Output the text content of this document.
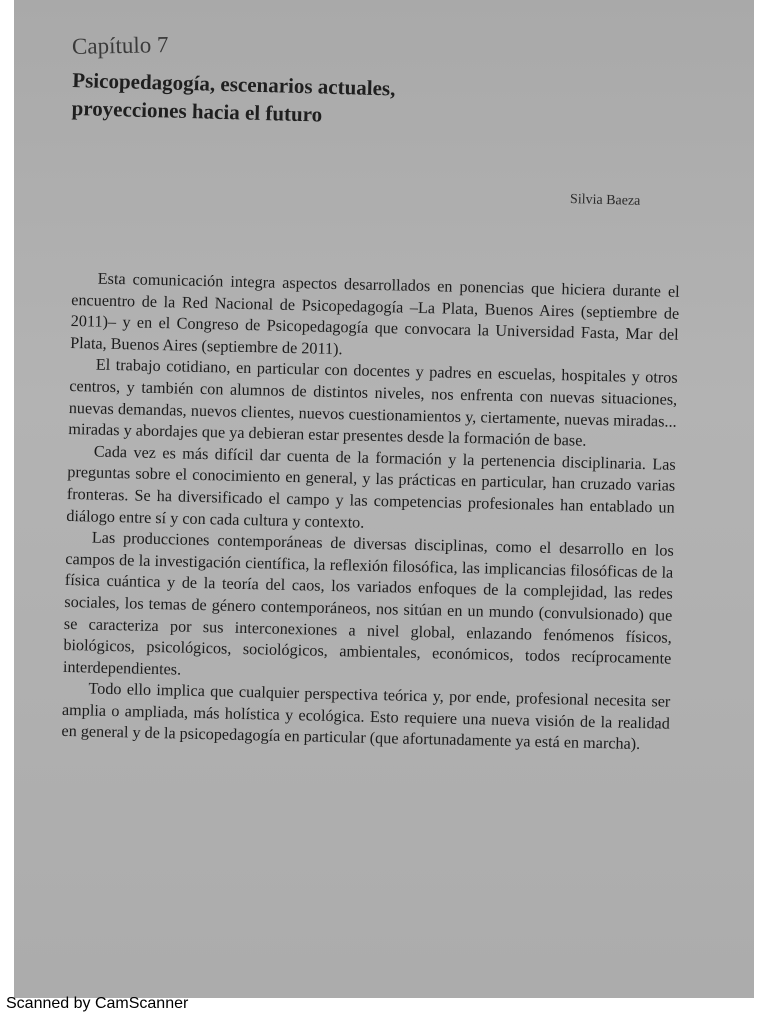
Capítulo 7
Psicopedagogía, escenarios actuales,
proyecciones hacia el futuro
Silvia Baeza

Esta comunicación integra aspectos desarrollados en ponencias que hiciera durante el encuentro de la Red Nacional de Psicopedagogía –La Plata, Buenos Aires (septiembre de 2011)– y en el Congreso de Psicopedagogía que convocara la Universidad Fasta, Mar del Plata, Buenos Aires (septiembre de 2011).

El trabajo cotidiano, en particular con docentes y padres en escuelas, hospitales y otros centros, y también con alumnos de distintos niveles, nos enfrenta con nuevas situaciones, nuevas demandas, nuevos clientes, nuevos cuestionamientos y, ciertamente, nuevas miradas... miradas y abordajes que ya debieran estar presentes desde la formación de base.

Cada vez es más difícil dar cuenta de la formación y la pertenencia disciplinaria. Las preguntas sobre el conocimiento en general, y las prácticas en particular, han cruzado varias fronteras. Se ha diversificado el campo y las competencias profesionales han entablado un diálogo entre sí y con cada cultura y contexto.

Las producciones contemporáneas de diversas disciplinas, como el desarrollo en los campos de la investigación científica, la reflexión filosófica, las implicancias filosóficas de la física cuántica y de la teoría del caos, los variados enfoques de la complejidad, las redes sociales, los temas de género contemporáneos, nos sitúan en un mundo (convulsionado) que se caracteriza por sus interconexiones a nivel global, enlazando fenómenos físicos, biológicos, psicológicos, sociológicos, ambientales, económicos, todos recíprocamente interdependientes.

Todo ello implica que cualquier perspectiva teórica y, por ende, profesional necesita ser amplia o ampliada, más holística y ecológica. Esto requiere una nueva visión de la realidad en general y de la psicopedagogía en particular (que afortunadamente ya está en marcha).

Scanned by CamScanner
